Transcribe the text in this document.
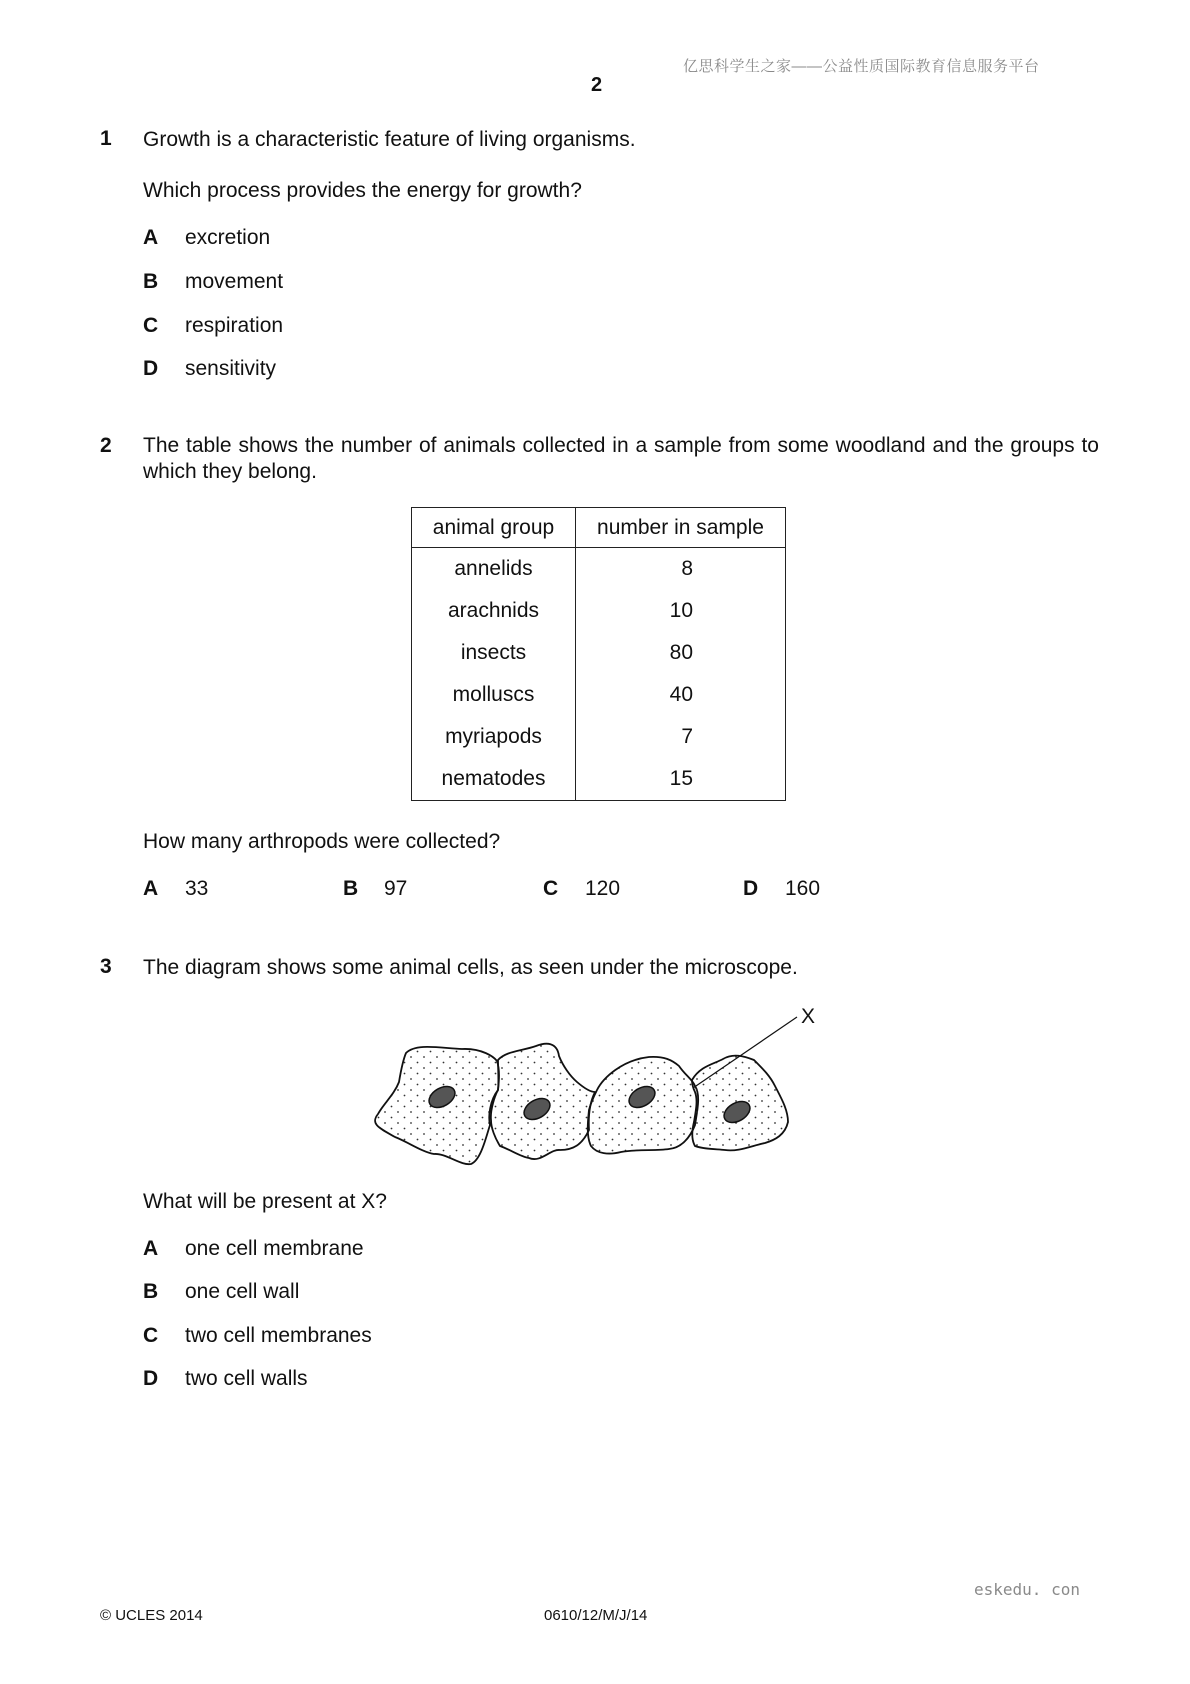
亿思科学生之家——公益性质国际教育信息服务平台
2
1 Growth is a characteristic feature of living organisms.
Which process provides the energy for growth?
A excretion
B movement
C respiration
D sensitivity
2 The table shows the number of animals collected in a sample from some woodland and the groups to which they belong.
animal group	number in sample
annelids	8
arachnids	10
insects	80
molluscs	40
myriapods	7
nematodes	15
How many arthropods were collected?
A 33	B 97	C 120	D 160
3 The diagram shows some animal cells, as seen under the microscope.
X
What will be present at X?
A one cell membrane
B one cell wall
C two cell membranes
D two cell walls
eskedu. con
© UCLES 2014	0610/12/M/J/14
